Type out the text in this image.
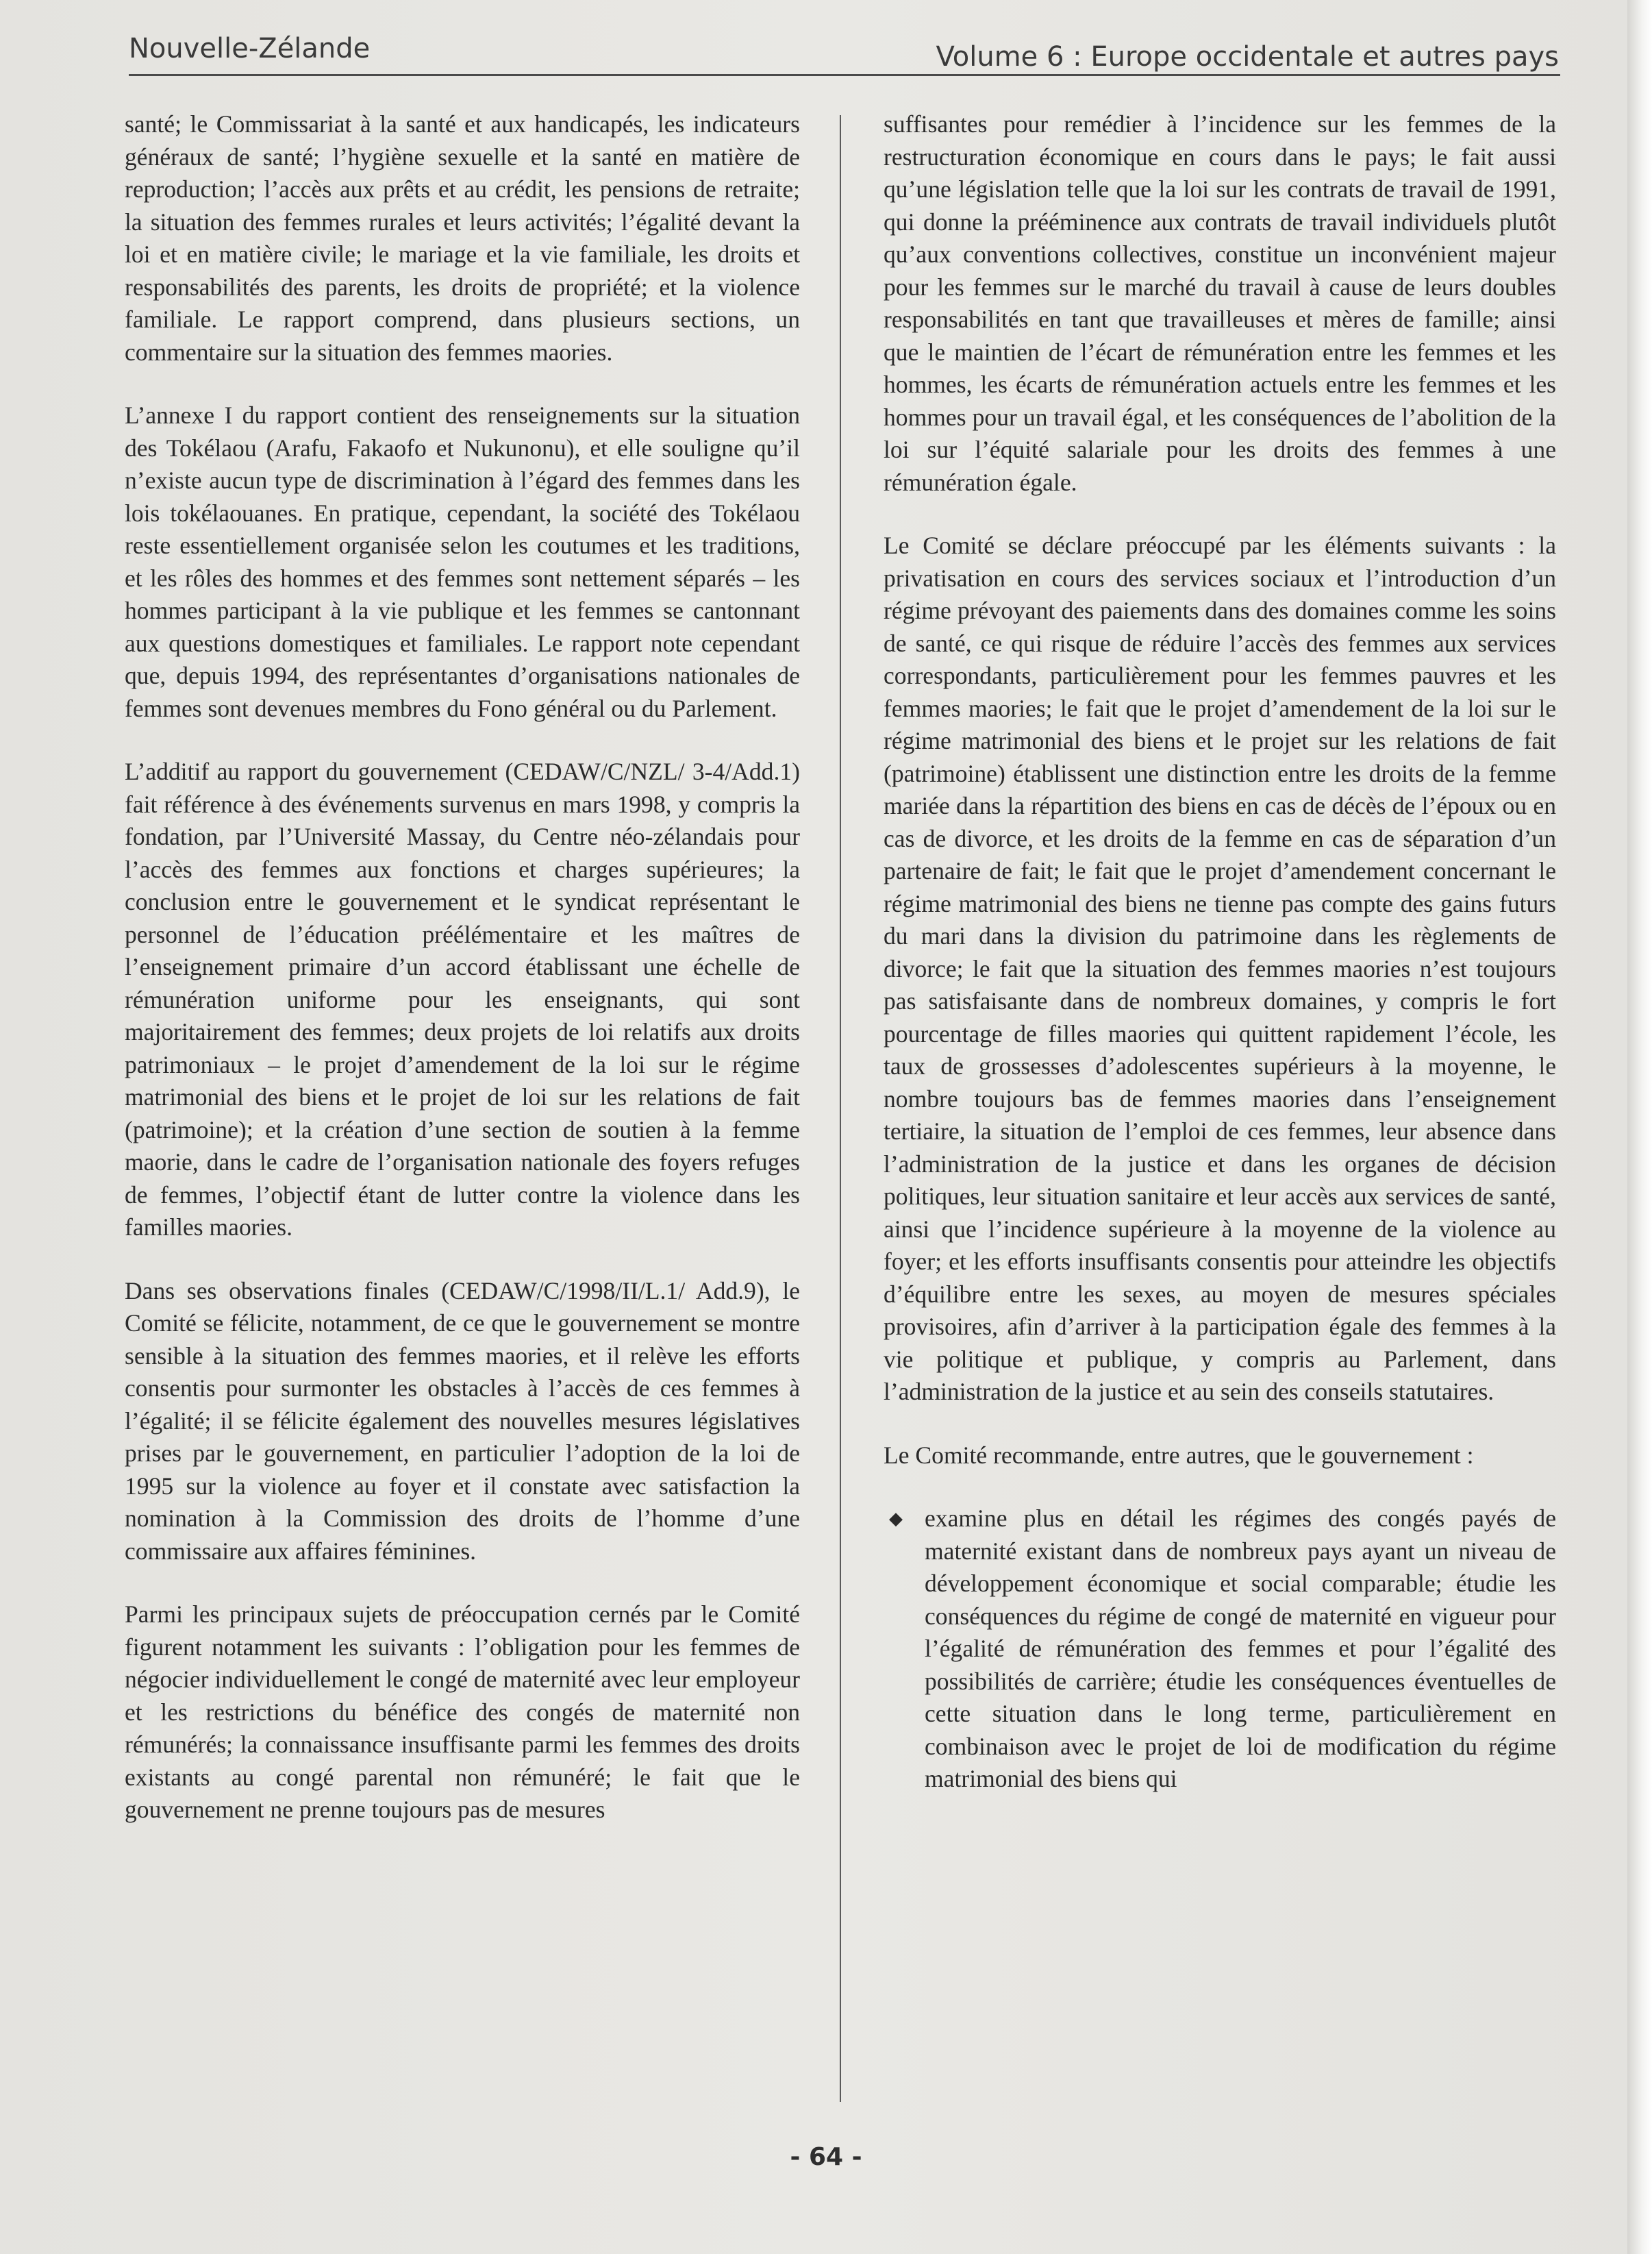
Nouvelle-Zélande	Volume 6 : Europe occidentale et autres pays

santé; le Commissariat à la santé et aux handicapés, les indicateurs généraux de santé; l’hygiène sexuelle et la santé en matière de reproduction; l’accès aux prêts et au crédit, les pensions de retraite; la situation des femmes rurales et leurs activités; l’égalité devant la loi et en matière civile; le mariage et la vie familiale, les droits et responsabilités des parents, les droits de propriété; et la violence familiale. Le rapport comprend, dans plusieurs sections, un commentaire sur la situation des femmes maories.

L’annexe I du rapport contient des renseignements sur la situation des Tokélaou (Arafu, Fakaofo et Nukunonu), et elle souligne qu’il n’existe aucun type de discrimination à l’égard des femmes dans les lois tokélaouanes. En pratique, cependant, la société des Tokélaou reste essentiellement organisée selon les coutumes et les traditions, et les rôles des hommes et des femmes sont nettement séparés – les hommes participant à la vie publique et les femmes se cantonnant aux questions domestiques et familiales. Le rapport note cependant que, depuis 1994, des représentantes d’organisations nationales de femmes sont devenues membres du Fono général ou du Parlement.

L’additif au rapport du gouvernement (CEDAW/C/NZL/ 3-4/Add.1) fait référence à des événements survenus en mars 1998, y compris la fondation, par l’Université Massay, du Centre néo-zélandais pour l’accès des femmes aux fonctions et charges supérieures; la conclusion entre le gouvernement et le syndicat représentant le personnel de l’éducation préélémentaire et les maîtres de l’enseignement primaire d’un accord établissant une échelle de rémunération uniforme pour les enseignants, qui sont majoritairement des femmes; deux projets de loi relatifs aux droits patrimoniaux – le projet d’amendement de la loi sur le régime matrimonial des biens et le projet de loi sur les relations de fait (patrimoine); et la création d’une section de soutien à la femme maorie, dans le cadre de l’organisation nationale des foyers refuges de femmes, l’objectif étant de lutter contre la violence dans les familles maories.

Dans ses observations finales (CEDAW/C/1998/II/L.1/ Add.9), le Comité se félicite, notamment, de ce que le gouvernement se montre sensible à la situation des femmes maories, et il relève les efforts consentis pour surmonter les obstacles à l’accès de ces femmes à l’égalité; il se félicite également des nouvelles mesures législatives prises par le gouvernement, en particulier l’adoption de la loi de 1995 sur la violence au foyer et il constate avec satisfaction la nomination à la Commission des droits de l’homme d’une commissaire aux affaires féminines.

Parmi les principaux sujets de préoccupation cernés par le Comité figurent notamment les suivants : l’obligation pour les femmes de négocier individuellement le congé de maternité avec leur employeur et les restrictions du bénéfice des congés de maternité non rémunérés; la connaissance insuffisante parmi les femmes des droits existants au congé parental non rémunéré; le fait que le gouvernement ne prenne toujours pas de mesures

suffisantes pour remédier à l’incidence sur les femmes de la restructuration économique en cours dans le pays; le fait aussi qu’une législation telle que la loi sur les contrats de travail de 1991, qui donne la prééminence aux contrats de travail individuels plutôt qu’aux conventions collectives, constitue un inconvénient majeur pour les femmes sur le marché du travail à cause de leurs doubles responsabilités en tant que travailleuses et mères de famille; ainsi que le maintien de l’écart de rémunération entre les femmes et les hommes, les écarts de rémunération actuels entre les femmes et les hommes pour un travail égal, et les conséquences de l’abolition de la loi sur l’équité salariale pour les droits des femmes à une rémunération égale.

Le Comité se déclare préoccupé par les éléments suivants : la privatisation en cours des services sociaux et l’introduction d’un régime prévoyant des paiements dans des domaines comme les soins de santé, ce qui risque de réduire l’accès des femmes aux services correspondants, particulièrement pour les femmes pauvres et les femmes maories; le fait que le projet d’amendement de la loi sur le régime matrimonial des biens et le projet sur les relations de fait (patrimoine) établissent une distinction entre les droits de la femme mariée dans la répartition des biens en cas de décès de l’époux ou en cas de divorce, et les droits de la femme en cas de séparation d’un partenaire de fait; le fait que le projet d’amendement concernant le régime matrimonial des biens ne tienne pas compte des gains futurs du mari dans la division du patrimoine dans les règlements de divorce; le fait que la situation des femmes maories n’est toujours pas satisfaisante dans de nombreux domaines, y compris le fort pourcentage de filles maories qui quittent rapidement l’école, les taux de grossesses d’adolescentes supérieurs à la moyenne, le nombre toujours bas de femmes maories dans l’enseignement tertiaire, la situation de l’emploi de ces femmes, leur absence dans l’administration de la justice et dans les organes de décision politiques, leur situation sanitaire et leur accès aux services de santé, ainsi que l’incidence supérieure à la moyenne de la violence au foyer; et les efforts insuffisants consentis pour atteindre les objectifs d’équilibre entre les sexes, au moyen de mesures spéciales provisoires, afin d’arriver à la participation égale des femmes à la vie politique et publique, y compris au Parlement, dans l’administration de la justice et au sein des conseils statutaires.

Le Comité recommande, entre autres, que le gouvernement :

◆ examine plus en détail les régimes des congés payés de maternité existant dans de nombreux pays ayant un niveau de développement économique et social comparable; étudie les conséquences du régime de congé de maternité en vigueur pour l’égalité de rémunération des femmes et pour l’égalité des possibilités de carrière; étudie les conséquences éventuelles de cette situation dans le long terme, particulièrement en combinaison avec le projet de loi de modification du régime matrimonial des biens qui
- 64 -
